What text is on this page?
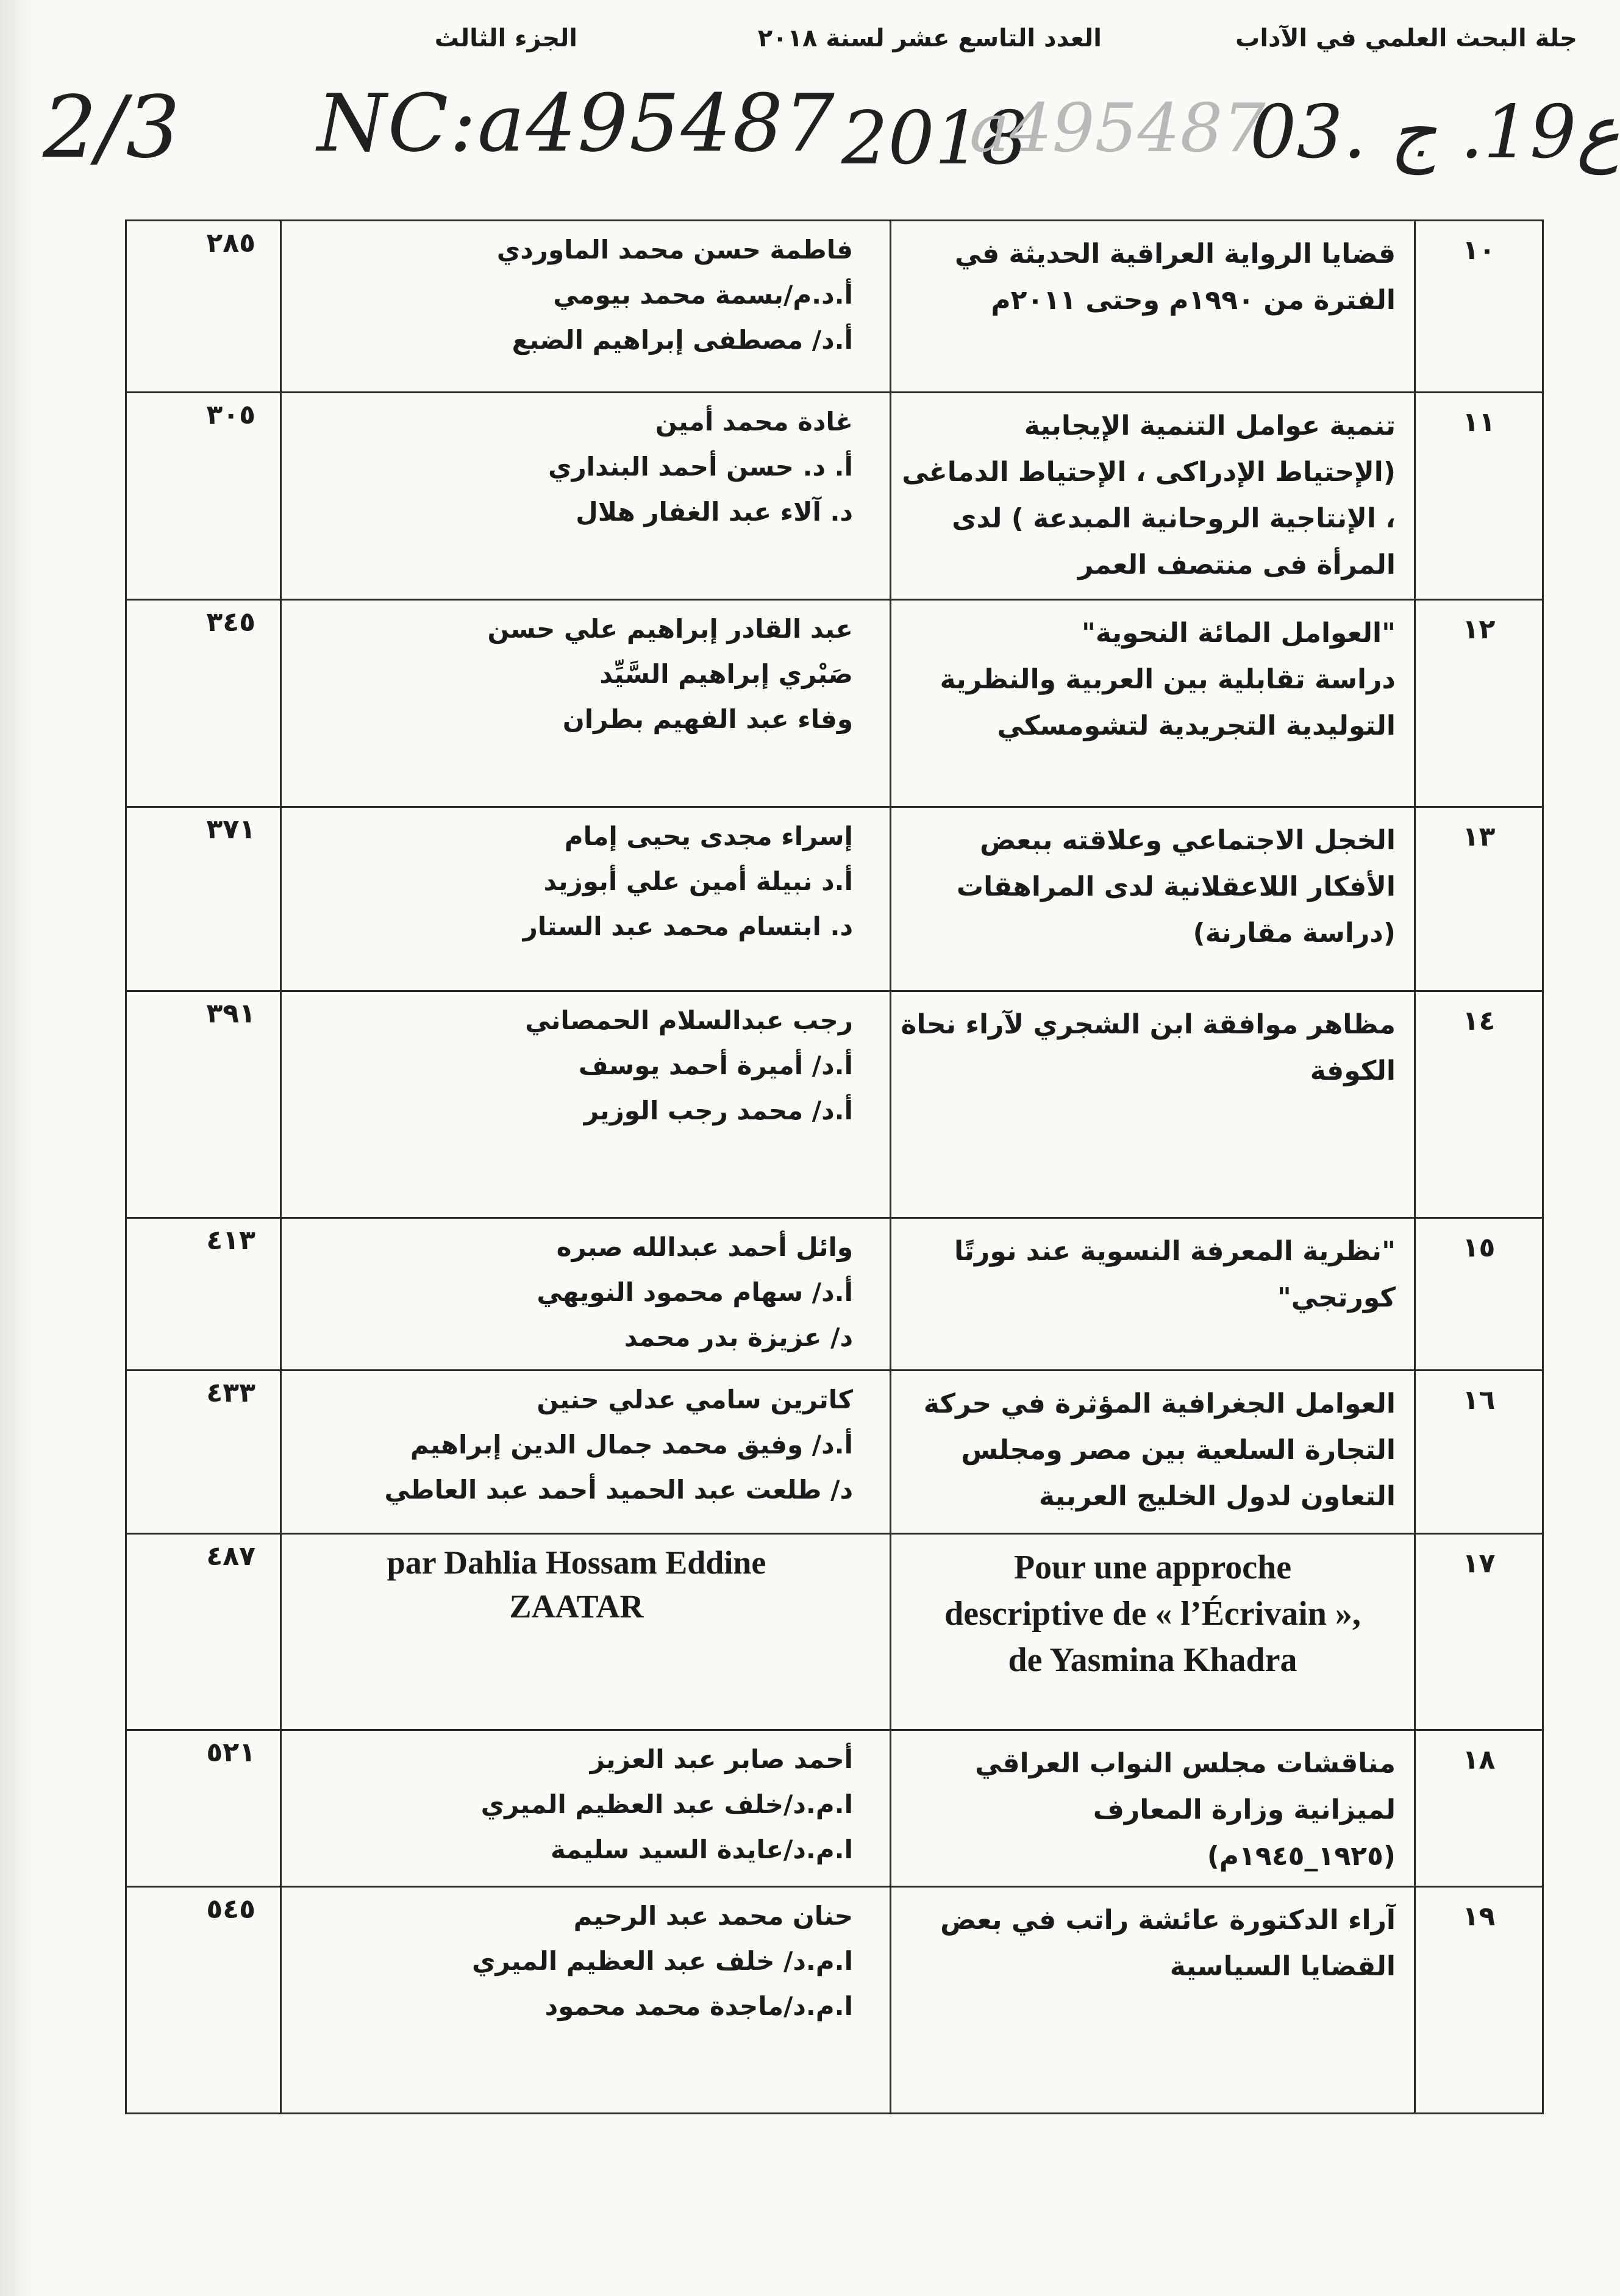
جلة البحث العلمي في الآداب
العدد التاسع عشر لسنة ٢٠١٨
الجزء الثالث
2/3 NC:a495487 2018
a495487
03. ع19. ج
١٠	قضايا الرواية العراقية الحديثة في
الفترة من ١٩٩٠م وحتى ٢٠١١م	فاطمة حسن محمد الماوردي
أ.د.م/بسمة محمد بيومي
أ.د/ مصطفى إبراهيم الضبع	٢٨٥
١١	تنمية عوامل التنمية الإيجابية
(الإحتياط الإدراكى ، الإحتياط الدماغى
، الإنتاجية الروحانية المبدعة ) لدى
المرأة فى منتصف العمر	غادة محمد أمين
أ. د. حسن أحمد البنداري
د. آلاء عبد الغفار هلال	٣٠٥
١٢	"العوامل المائة النحوية"
دراسة تقابلية بين العربية والنظرية
التوليدية التجريدية لتشومسكي	عبد القادر إبراهيم علي حسن
صَبْري إبراهيم السَّيِّد
وفاء عبد الفهيم بطران	٣٤٥
١٣	الخجل الاجتماعي وعلاقته ببعض
الأفكار اللاعقلانية لدى المراهقات
(دراسة مقارنة)	إسراء مجدى يحيى إمام
أ.د نبيلة أمين علي أبوزيد
د. ابتسام محمد عبد الستار	٣٧١
١٤	مظاهر موافقة ابن الشجري لآراء نحاة
الكوفة	رجب عبدالسلام الحمصاني
أ.د/ أميرة أحمد يوسف
أ.د/ محمد رجب الوزير	٣٩١
١٥	"نظرية المعرفة النسوية عند نورتًا
كورتجي"	وائل أحمد عبدالله صبره
أ.د/ سهام محمود النويهي
د/ عزيزة بدر محمد	٤١٣
١٦	العوامل الجغرافية المؤثرة في حركة
التجارة السلعية بين مصر ومجلس
التعاون لدول الخليج العربية	كاترين سامي عدلي حنين
أ.د/ وفيق محمد جمال الدين إبراهيم
د/ طلعت عبد الحميد أحمد عبد العاطي	٤٣٣
١٧	Pour une approche
descriptive de « l’Écrivain »,
de Yasmina Khadra	par Dahlia Hossam Eddine
ZAATAR	٤٨٧
١٨	مناقشات مجلس النواب العراقي
لميزانية وزارة المعارف
(١٩٢٥_١٩٤٥م)	أحمد صابر عبد العزيز
ا.م.د/خلف عبد العظيم الميري
ا.م.د/عايدة السيد سليمة	٥٢١
١٩	آراء الدكتورة عائشة راتب في بعض
القضايا السياسية	حنان محمد عبد الرحيم
ا.م.د/ خلف عبد العظيم الميري
ا.م.د/ماجدة محمد محمود	٥٤٥
